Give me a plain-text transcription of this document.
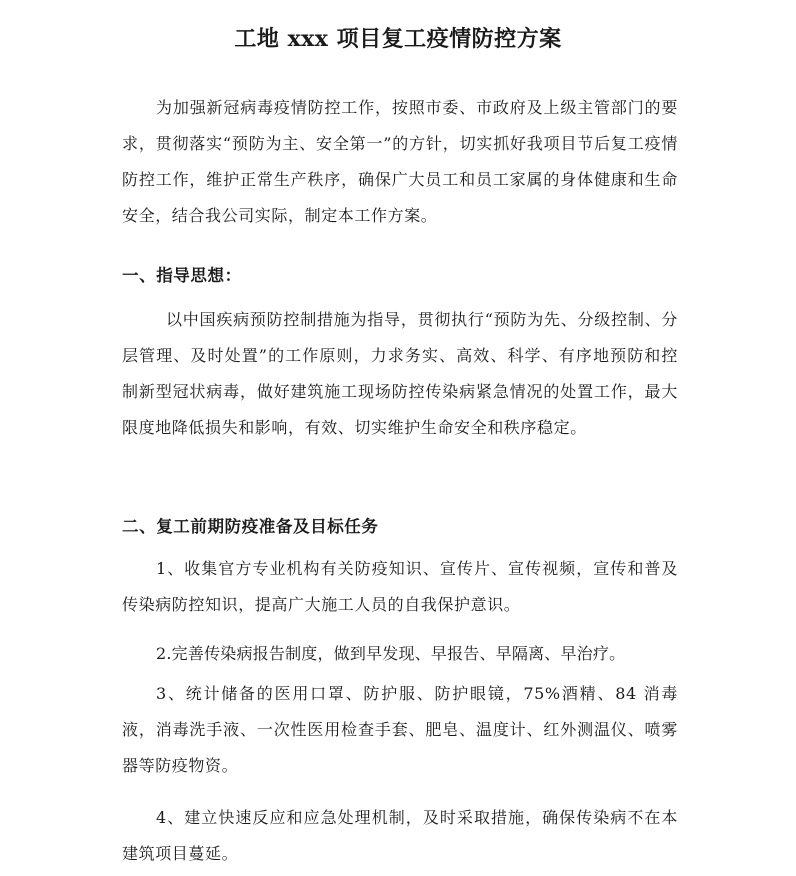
工地 xxx 项目复工疫情防控方案
为加强新冠病毒疫情防控工作，按照市委、市政府及上级主管部门的要求，贯彻落实“预防为主、安全第一”的方针，切实抓好我项目节后复工疫情防控工作，维护正常生产秩序，确保广大员工和员工家属的身体健康和生命安全，结合我公司实际，制定本工作方案。
一、指导思想：
以中国疾病预防控制措施为指导，贯彻执行“预防为先、分级控制、分层管理、及时处置”的工作原则，力求务实、高效、科学、有序地预防和控制新型冠状病毒，做好建筑施工现场防控传染病紧急情况的处置工作，最大限度地降低损失和影响，有效、切实维护生命安全和秩序稳定。
二、复工前期防疫准备及目标任务
1、收集官方专业机构有关防疫知识、宣传片、宣传视频，宣传和普及传染病防控知识，提高广大施工人员的自我保护意识。
2.完善传染病报告制度，做到早发现、早报告、早隔离、早治疗。
3、统计储备的医用口罩、防护服、防护眼镜，75%酒精、84 消毒液，消毒洗手液、一次性医用检查手套、肥皂、温度计、红外测温仪、喷雾器等防疫物资。
4、建立快速反应和应急处理机制，及时采取措施，确保传染病不在本建筑项目蔓延。
